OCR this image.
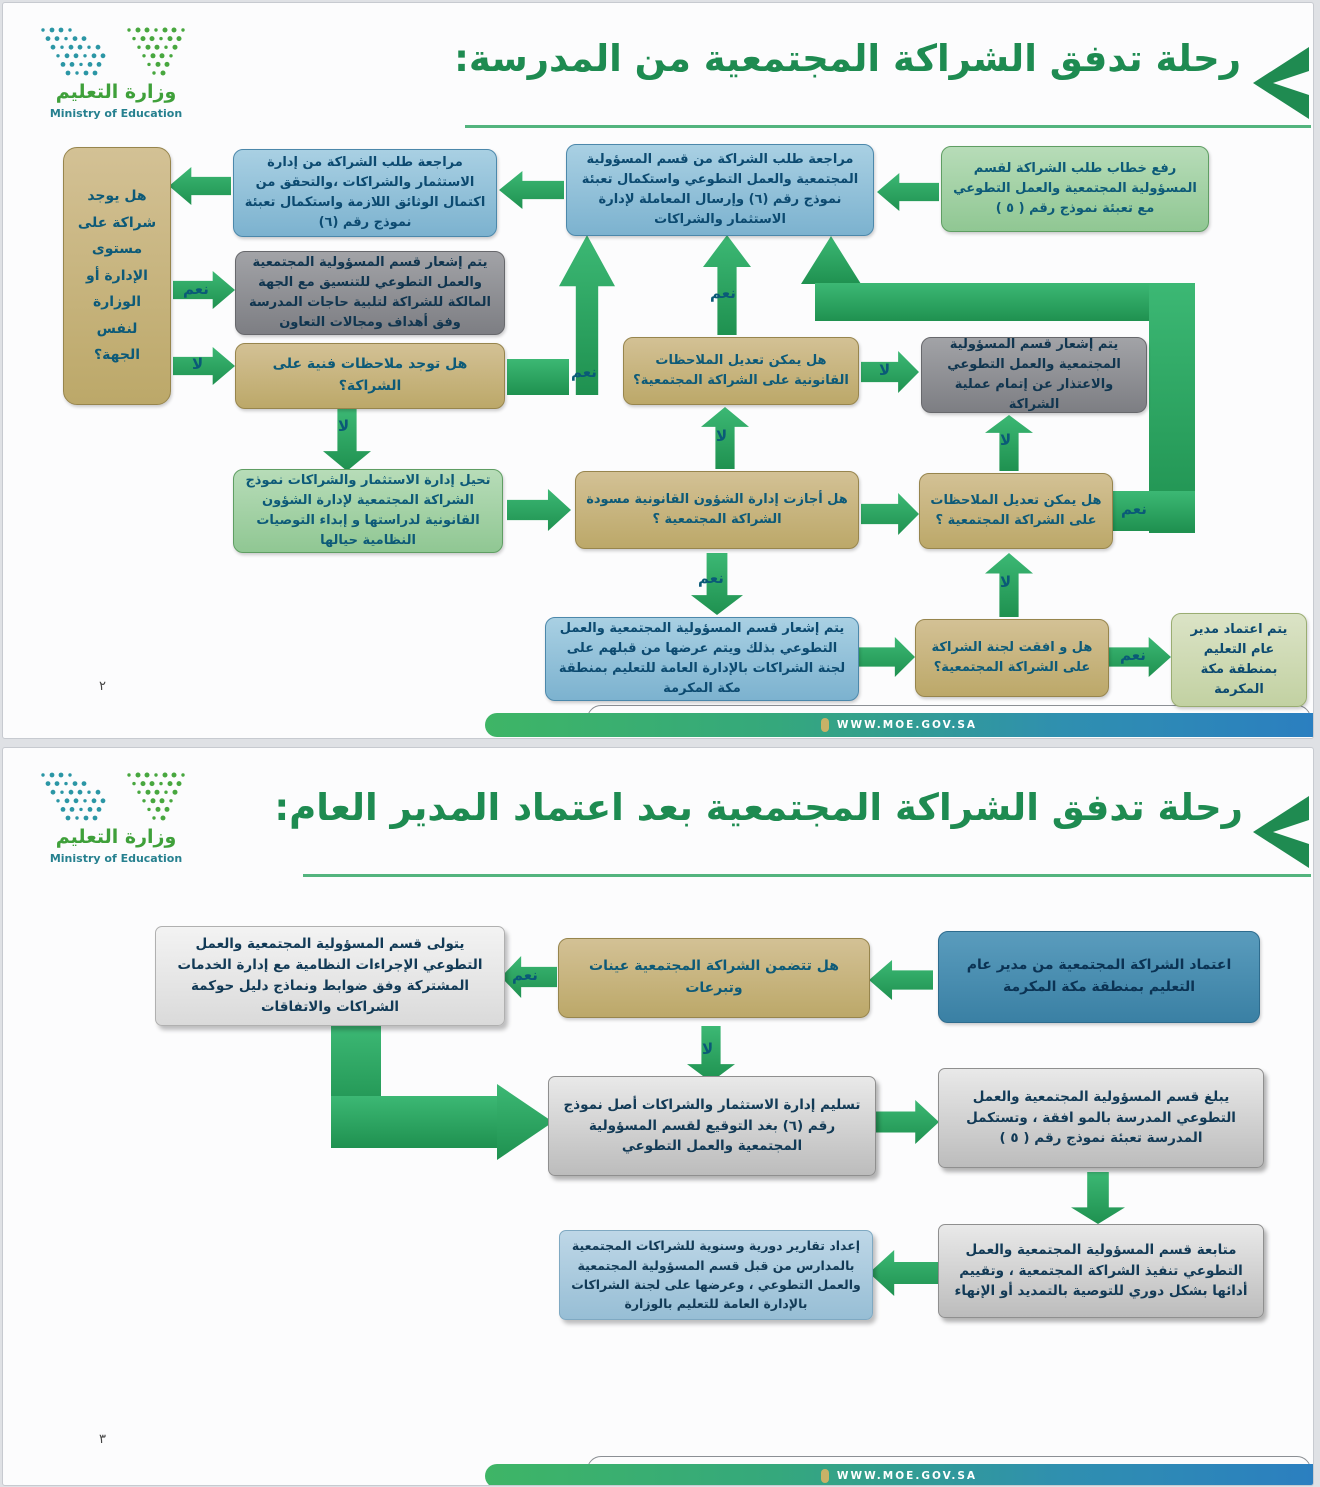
وزارة التعليم
Ministry of Education
رحلة تدفق الشراكة المجتمعية من المدرسة:
رفع خطاب طلب الشراكة لقسم المسؤولية المجتمعية والعمل التطوعي مع تعبئة نموذج رقم ( ٥ )
مراجعة طلب الشراكة من قسم المسؤولية المجتمعية والعمل التطوعي واستكمال تعبئة نموذج رقم (٦) وإرسال المعاملة لإدارة الاستثمار والشراكات
مراجعة طلب الشراكة من إدارة الاستثمار والشراكات ،والتحقق من اكتمال الوثائق اللازمة واستكمال تعبئة نموذج رقم (٦)
هل يوجد شراكة على مستوى الإدارة أو الوزارة لنفس الجهة؟
نعم
يتم إشعار قسم المسؤولية المجتمعية والعمل التطوعي للتنسيق مع الجهة المالكة للشراكة لتلبية حاجات المدرسة وفق أهداف ومجالات التعاون
لا	هل توجد ملاحظات فنية على الشراكة؟
نعم
لا
هل يمكن تعديل الملاحظات القانونية على الشراكة المجتمعية؟
نعم
لا
يتم إشعار قسم المسؤولية المجتمعية والعمل التطوعي والاعتذار عن إتمام عملية الشراكة
نعم
تحيل إدارة الاستثمار والشراكات نموذج الشراكة المجتمعية لإدارة الشؤون القانونية لدراستها و إبداء التوصيات النظامية حيالها
هل أجازت إدارة الشؤون القانونية مسودة الشراكة المجتمعية ؟
لا
هل يمكن تعديل الملاحظات على الشراكة المجتمعية ؟
لا
نعم	لا
يتم إشعار قسم المسؤولية المجتمعية والعمل التطوعي بذلك ويتم عرضها من قبلهم على لجنة الشراكات بالإدارة العامة للتعليم بمنطقة مكة المكرمة
هل و افقت لجنة الشراكة على الشراكة المجتمعية؟
نعم
يتم اعتماد مدير عام التعليم بمنطقة مكة المكرمة
٢
WWW.MOE.GOV.SA
وزارة التعليم
Ministry of Education
رحلة تدفق الشراكة المجتمعية بعد اعتماد المدير العام:
اعتماد الشراكة المجتمعية من مدير عام التعليم بمنطقة مكة المكرمة
هل تتضمن الشراكة المجتمعية عينات وتبرعات
نعم
يتولى قسم المسؤولية المجتمعية والعمل التطوعي الإجراءات النظامية مع إدارة الخدمات المشتركة وفق ضوابط ونماذج دليل حوكمة الشراكات والاتفاقات
لا
تسليم إدارة الاستثمار والشراكات أصل نموذج رقم (٦) بغد التوقيع لقسم المسؤولية المجتمعية والعمل التطوعي
يبلغ قسم المسؤولية المجتمعية والعمل التطوعي المدرسة بالمو افقة ، وتستكمل المدرسة تعبئة نموذج رقم ( ٥ )
متابعة قسم المسؤولية المجتمعية والعمل التطوعي تنفيذ الشراكة المجتمعية ، وتقييم أدائها بشكل دوري للتوصية بالتمديد أو الإنهاء
إعداد تقارير دورية وسنوية للشراكات المجتمعية بالمدارس من قبل قسم المسؤولية المجتمعية والعمل التطوعي ، وعرضها على لجنة الشراكات بالإدارة العامة للتعليم بالوزارة
٣
WWW.MOE.GOV.SA
